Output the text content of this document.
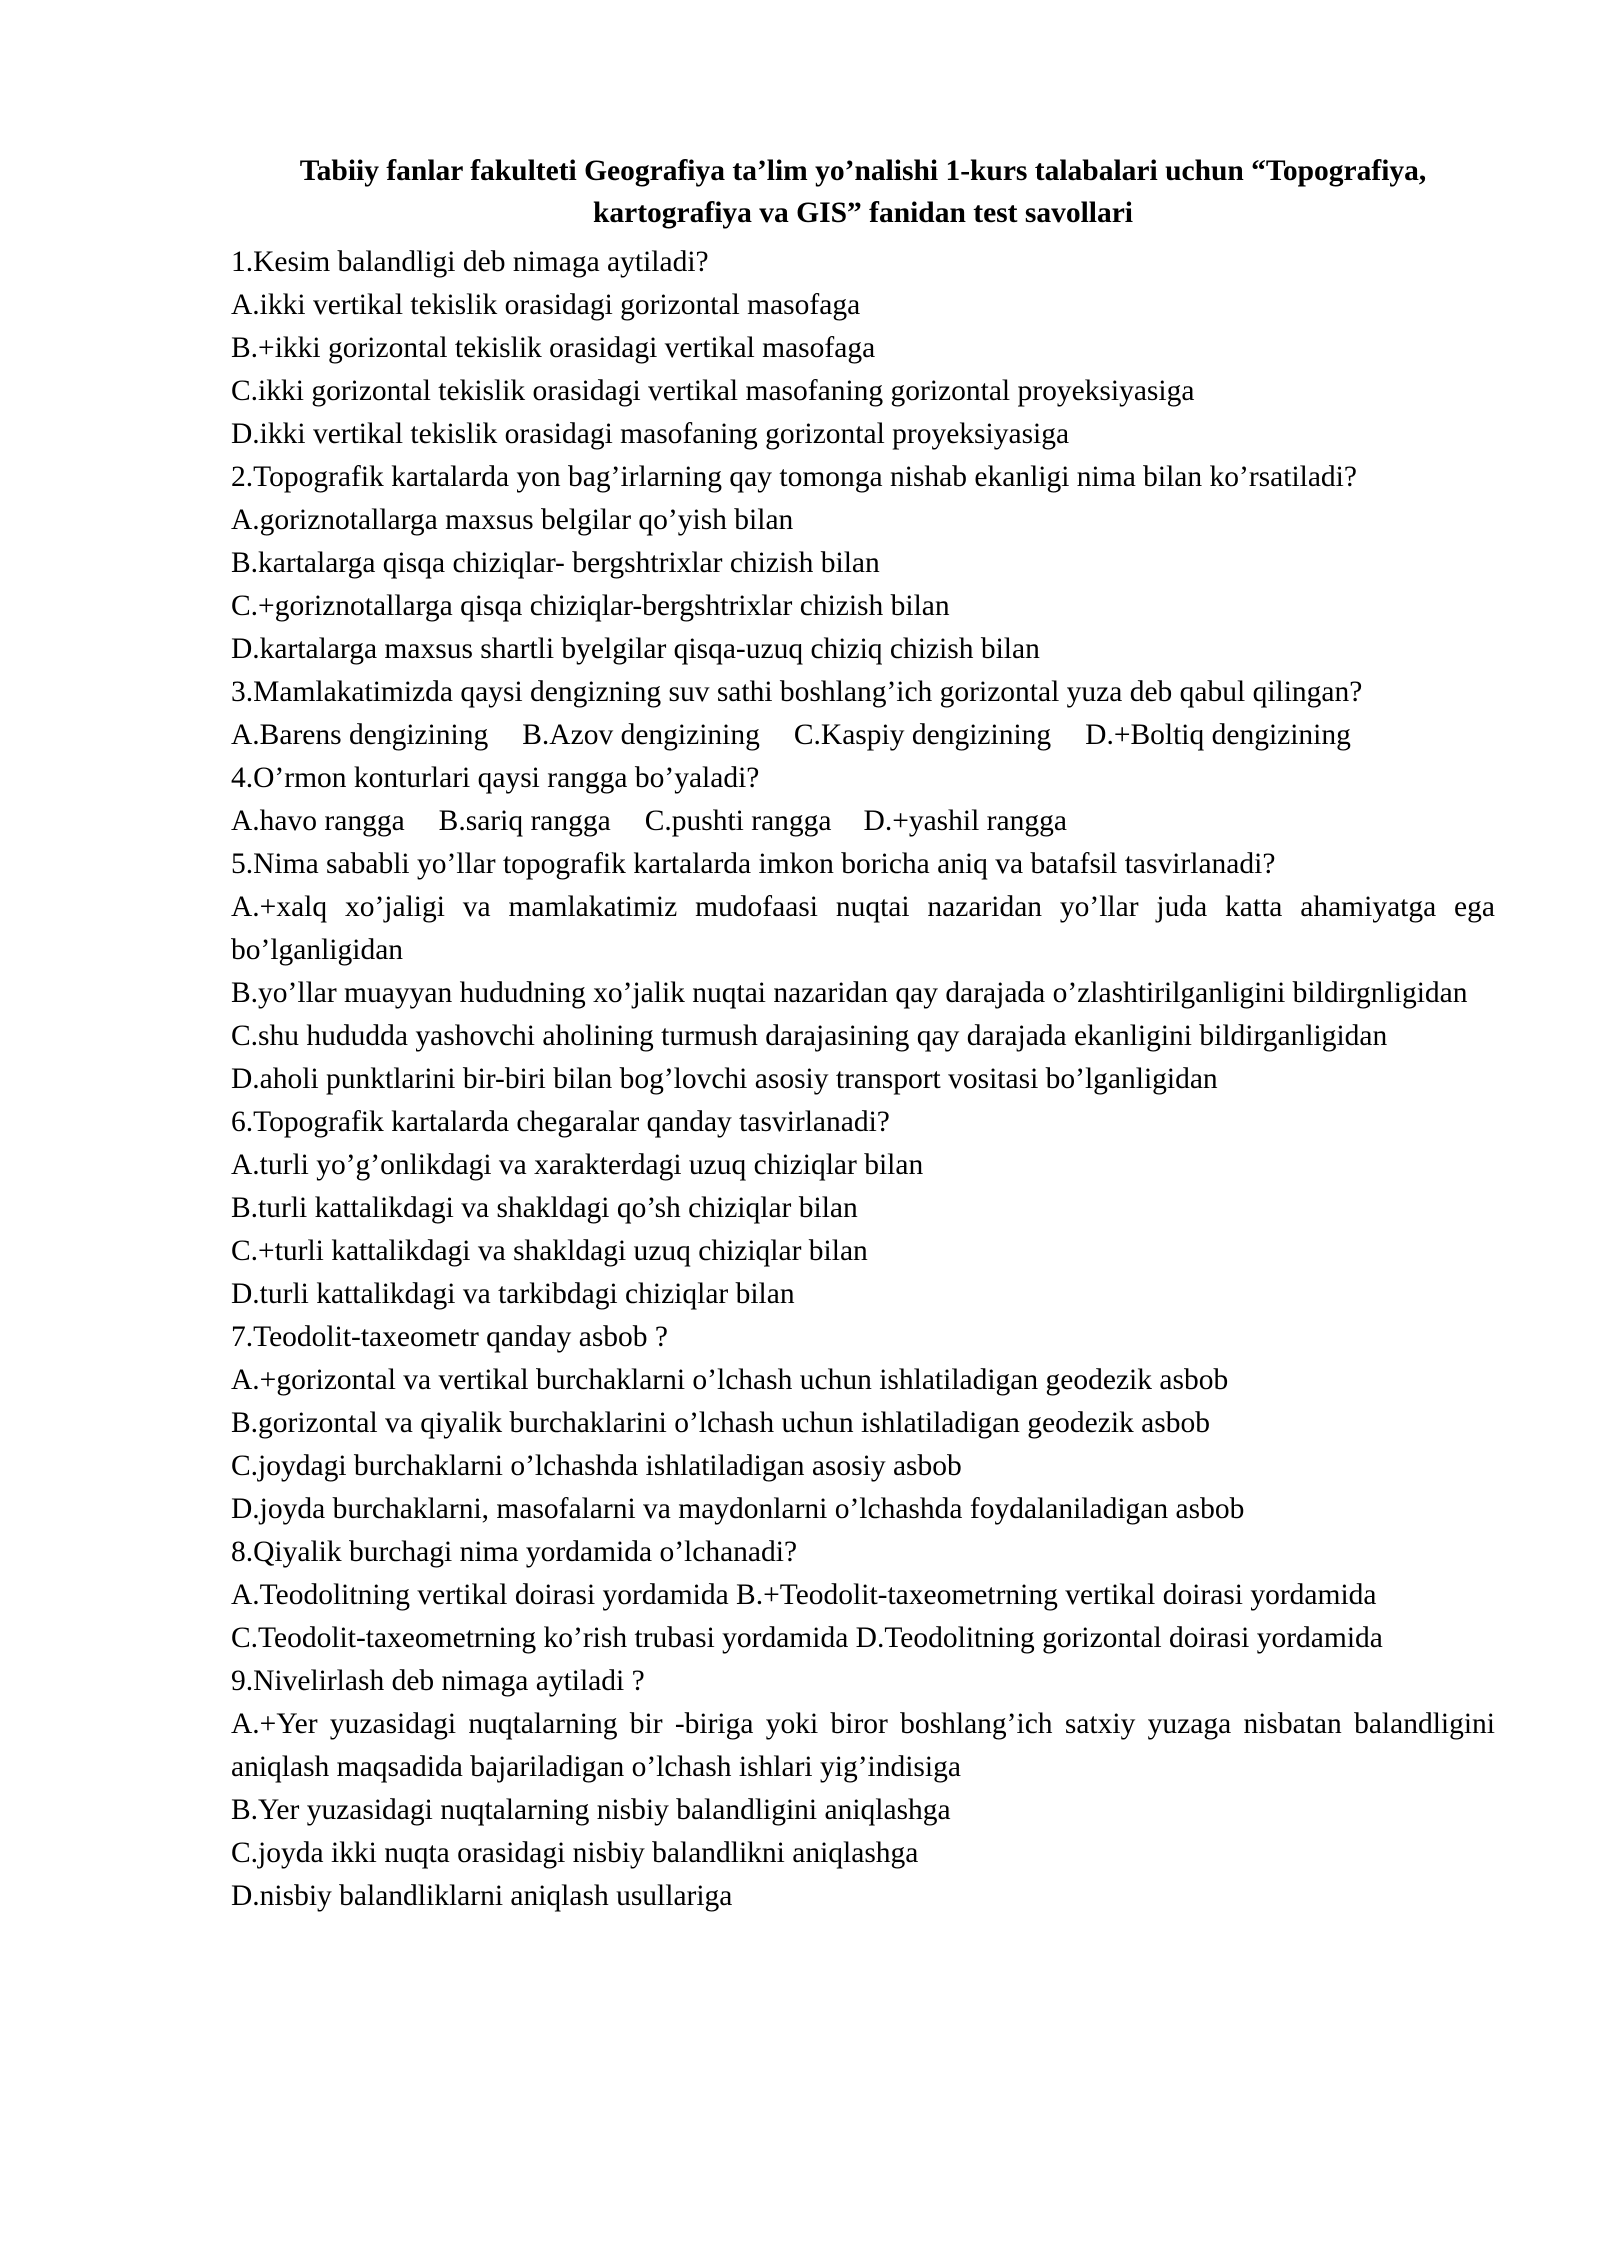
Tabiiy fanlar fakulteti Geografiya ta’lim yo’nalishi 1-kurs talabalari uchun “Topografiya,
kartografiya va GIS” fanidan test savollari
1.Kesim balandligi deb nimaga aytiladi?
A.ikki vertikal tekislik orasidagi gorizontal masofaga
B.+ikki gorizontal tekislik orasidagi vertikal masofaga
C.ikki gorizontal tekislik orasidagi vertikal masofaning gorizontal proyeksiyasiga
D.ikki vertikal tekislik orasidagi masofaning gorizontal proyeksiyasiga
2.Topografik kartalarda yon bag’irlarning qay tomonga nishab ekanligi nima bilan ko’rsatiladi?
A.goriznotallarga maxsus belgilar qo’yish bilan
B.kartalarga qisqa chiziqlar- bergshtrixlar chizish bilan
C.+goriznotallarga qisqa chiziqlar-bergshtrixlar chizish bilan
D.kartalarga maxsus shartli byelgilar qisqa-uzuq chiziq chizish bilan
3.Mamlakatimizda qaysi dengizning suv sathi boshlang’ich gorizontal yuza deb qabul qilingan?
A.Barens dengizining B.Azov dengizining C.Kaspiy dengizining D.+Boltiq dengizining
4.O’rmon konturlari qaysi rangga bo’yaladi?
A.havo rangga B.sariq rangga C.pushti rangga D.+yashil rangga
5.Nima sababli yo’llar topografik kartalarda imkon boricha aniq va batafsil tasvirlanadi?
A.+xalq xo’jaligi va mamlakatimiz mudofaasi nuqtai nazaridan yo’llar juda katta ahamiyatga ega bo’lganligidan
B.yo’llar muayyan hududning xo’jalik nuqtai nazaridan qay darajada o’zlashtirilganligini bildirgnligidan
C.shu hududda yashovchi aholining turmush darajasining qay darajada ekanligini bildirganligidan
D.aholi punktlarini bir-biri bilan bog’lovchi asosiy transport vositasi bo’lganligidan
6.Topografik kartalarda chegaralar qanday tasvirlanadi?
A.turli yo’g’onlikdagi va xarakterdagi uzuq chiziqlar bilan
B.turli kattalikdagi va shakldagi qo’sh chiziqlar bilan
C.+turli kattalikdagi va shakldagi uzuq chiziqlar bilan
D.turli kattalikdagi va tarkibdagi chiziqlar bilan
7.Teodolit-taxeometr qanday asbob ?
A.+gorizontal va vertikal burchaklarni o’lchash uchun ishlatiladigan geodezik asbob
B.gorizontal va qiyalik burchaklarini o’lchash uchun ishlatiladigan geodezik asbob
C.joydagi burchaklarni o’lchashda ishlatiladigan asosiy asbob
D.joyda burchaklarni, masofalarni va maydonlarni o’lchashda foydalaniladigan asbob
8.Qiyalik burchagi nima yordamida o’lchanadi?
A.Teodolitning vertikal doirasi yordamida B.+Teodolit-taxeometrning vertikal doirasi yordamida
C.Teodolit-taxeometrning ko’rish trubasi yordamida D.Teodolitning gorizontal doirasi yordamida
9.Nivelirlash deb nimaga aytiladi ?
A.+Yer yuzasidagi nuqtalarning bir -biriga yoki biror boshlang’ich satxiy yuzaga nisbatan balandligini aniqlash maqsadida bajariladigan o’lchash ishlari yig’indisiga
B.Yer yuzasidagi nuqtalarning nisbiy balandligini aniqlashga
C.joyda ikki nuqta orasidagi nisbiy balandlikni aniqlashga
D.nisbiy balandliklarni aniqlash usullariga
